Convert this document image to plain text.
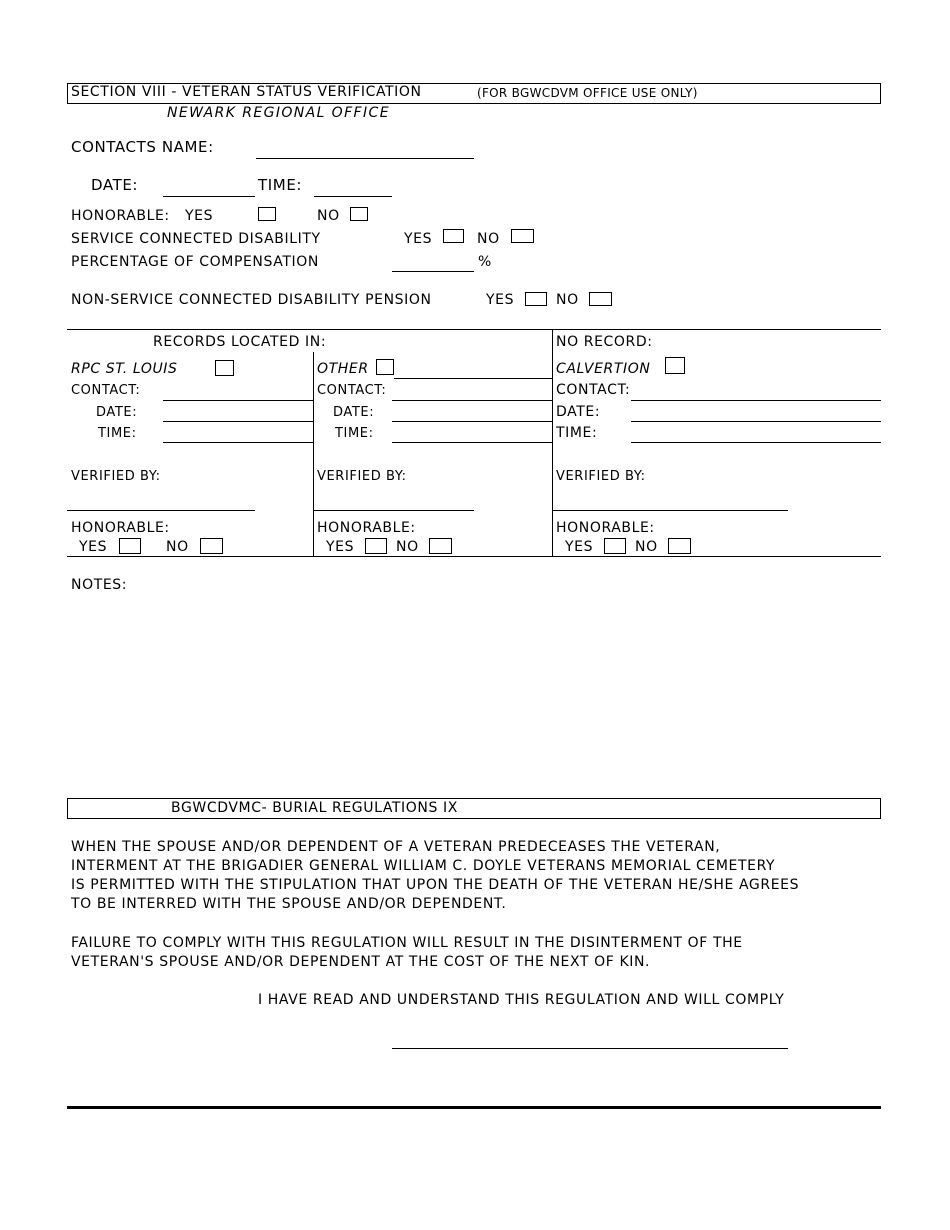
SECTION VIII - VETERAN STATUS VERIFICATION	(FOR BGWCDVM OFFICE USE ONLY)
NEWARK REGIONAL OFFICE
CONTACTS NAME:
DATE:	TIME:
HONORABLE: YES	NO
SERVICE CONNECTED DISABILITY	YES	NO
PERCENTAGE OF COMPENSATION	%
NON-SERVICE CONNECTED DISABILITY PENSION	YES	NO
RECORDS LOCATED IN:	NO RECORD:
RPC ST. LOUIS
CONTACT:
DATE:
TIME:
VERIFIED BY:
HONORABLE:
YES	NO
OTHER
CONTACT:
DATE:
TIME:
VERIFIED BY:
HONORABLE:
YES	NO
CALVERTION
CONTACT:
DATE:
TIME:
VERIFIED BY:
HONORABLE:
YES	NO
NOTES:
BGWCDVMC- BURIAL REGULATIONS IX
WHEN THE SPOUSE AND/OR DEPENDENT OF A VETERAN PREDECEASES THE VETERAN,
INTERMENT AT THE BRIGADIER GENERAL WILLIAM C. DOYLE VETERANS MEMORIAL CEMETERY
IS PERMITTED WITH THE STIPULATION THAT UPON THE DEATH OF THE VETERAN HE/SHE AGREES
TO BE INTERRED WITH THE SPOUSE AND/OR DEPENDENT.
FAILURE TO COMPLY WITH THIS REGULATION WILL RESULT IN THE DISINTERMENT OF THE
VETERAN'S SPOUSE AND/OR DEPENDENT AT THE COST OF THE NEXT OF KIN.
I HAVE READ AND UNDERSTAND THIS REGULATION AND WILL COMPLY
